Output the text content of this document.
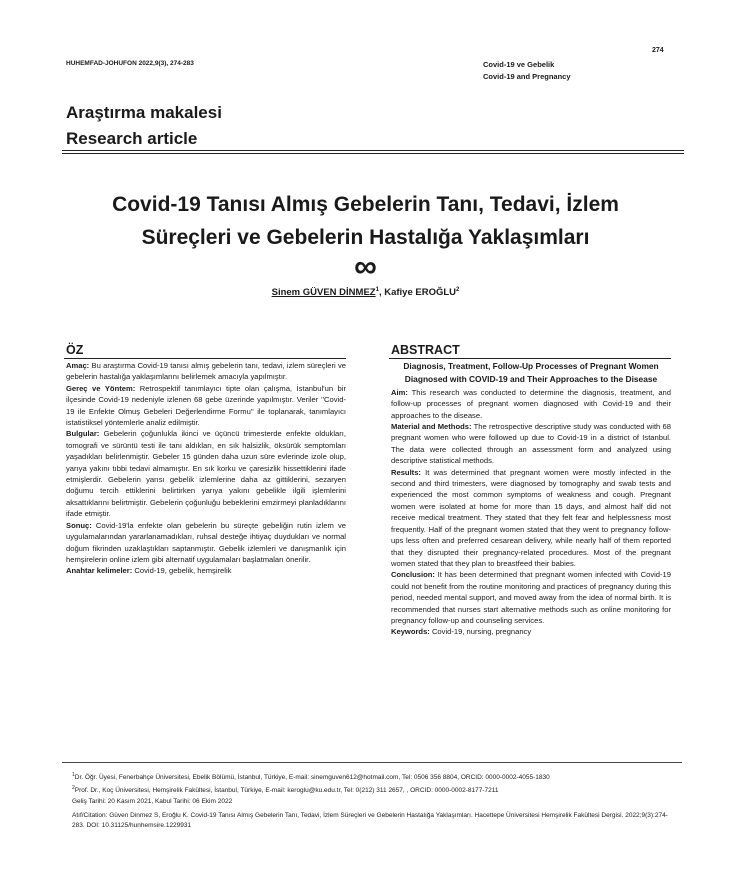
HUHEMFAD-JOHUFON 2022,9(3), 274-283
274
Covid-19 ve Gebelik
Covid-19 and Pregnancy
Araştırma makalesi
Research article
Covid-19 Tanısı Almış Gebelerin Tanı, Tedavi, İzlem
Süreçleri ve Gebelerin Hastalığa Yaklaşımları
∞
Sinem GÜVEN DİNMEZ$^1$, Kafiye EROĞLU$^2$
ÖZ

Amaç: Bu araştırma Covid-19 tanısı almış gebelerin tanı, tedavi, izlem süreçleri ve gebelerin hastalığa yaklaşımlarını belirlemek amacıyla yapılmıştır.

Gereç ve Yöntem: Retrospektif tanımlayıcı tipte olan çalışma, İstanbul'un bir ilçesinde Covid-19 nedeniyle izlenen 68 gebe üzerinde yapılmıştır. Veriler ''Covid-19 ile Enfekte Olmuş Gebeleri Değerlendirme Formu'' ile toplanarak, tanımlayıcı istatistiksel yöntemlerle analiz edilmiştir.

Bulgular: Gebelerin çoğunlukla ikinci ve üçüncü trimesterde enfekte oldukları, tomografi ve sürüntü testi ile tanı aldıkları, en sık halsizlik, öksürük semptomları yaşadıkları belirlenmiştir. Gebeler 15 günden daha uzun süre evlerinde izole olup, yarıya yakını tıbbi tedavi almamıştır. En sık korku ve çaresizlik hissettiklerini ifade etmişlerdir. Gebelerin yarısı gebelik izlemlerine daha az gittiklerini, sezaryen doğumu tercih ettiklerini belirtirken yarıya yakını gebelikle ilgili işlemlerini aksattıklarını belirtmiştir. Gebelerin çoğunluğu bebeklerini emzirmeyi planladıklarını ifade etmiştir.

Sonuç: Covid-19'la enfekte olan gebelerin bu süreçte gebeliğin rutin izlem ve uygulamalarından yararlanamadıkları, ruhsal desteğe ihtiyaç duydukları ve normal doğum fikrinden uzaklaştıkları saptanmıştır. Gebelik izlemleri ve danışmanlık için hemşirelerin online izlem gibi alternatif uygulamaları başlatmaları önerilir.

Anahtar kelimeler: Covid-19, gebelik, hemşirelik

ABSTRACT

Diagnosis, Treatment, Follow-Up Processes of Pregnant Women Diagnosed with COVID-19 and Their Approaches to the Disease

Aim: This research was conducted to determine the diagnosis, treatment, and follow-up processes of pregnant women diagnosed with Covid-19 and their approaches to the disease.

Material and Methods: The retrospective descriptive study was conducted with 68 pregnant women who were followed up due to Covid-19 in a district of Istanbul. The data were collected through an assessment form and analyzed using descriptive statistical methods.

Results: It was determined that pregnant women were mostly infected in the second and third trimesters, were diagnosed by tomography and swab tests and experienced the most common symptoms of weakness and cough. Pregnant women were isolated at home for more than 15 days, and almost half did not receive medical treatment. They stated that they felt fear and helplessness most frequently. Half of the pregnant women stated that they went to pregnancy follow-ups less often and preferred cesarean delivery, while nearly half of them reported that they disrupted their pregnancy-related procedures. Most of the pregnant women stated that they plan to breastfeed their babies.

Conclusion: It has been determined that pregnant women infected with Covid-19 could not benefit from the routine monitoring and practices of pregnancy during this period, needed mental support, and moved away from the idea of normal birth. It is recommended that nurses start alternative methods such as online monitoring for pregnancy follow-up and counseling services.

Keywords: Covid-19, nursing, pregnancy

$^1$Dr. Öğr. Üyesi, Fenerbahçe Üniversitesi, Ebelik Bölümü, İstanbul, Türkiye, E-mail: sinemguven612@hotmail.com, Tel: 0506 356 8804, ORCID: 0000-0002-4055-1830

$^2$Prof. Dr., Koç Üniversitesi, Hemşirelik Fakültesi, İstanbul, Türkiye, E-mail: keroglu@ku.edu.tr, Tel: 0(212) 311 2657, , ORCID: 0000-0002-8177-7211

Geliş Tarihi: 20 Kasım 2021, Kabul Tarihi: 06 Ekim 2022

Atıf/Citation: Güven Dinmez S, Eroğlu K. Covid-19 Tanısı Almış Gebelerin Tanı, Tedavi, İzlem Süreçleri ve Gebelerin Hastalığa Yaklaşımları. Hacettepe Üniversitesi Hemşirelik Fakültesi Dergisi. 2022;9(3):274-283. DOI: 10.31125/hunhemsire.1229931
